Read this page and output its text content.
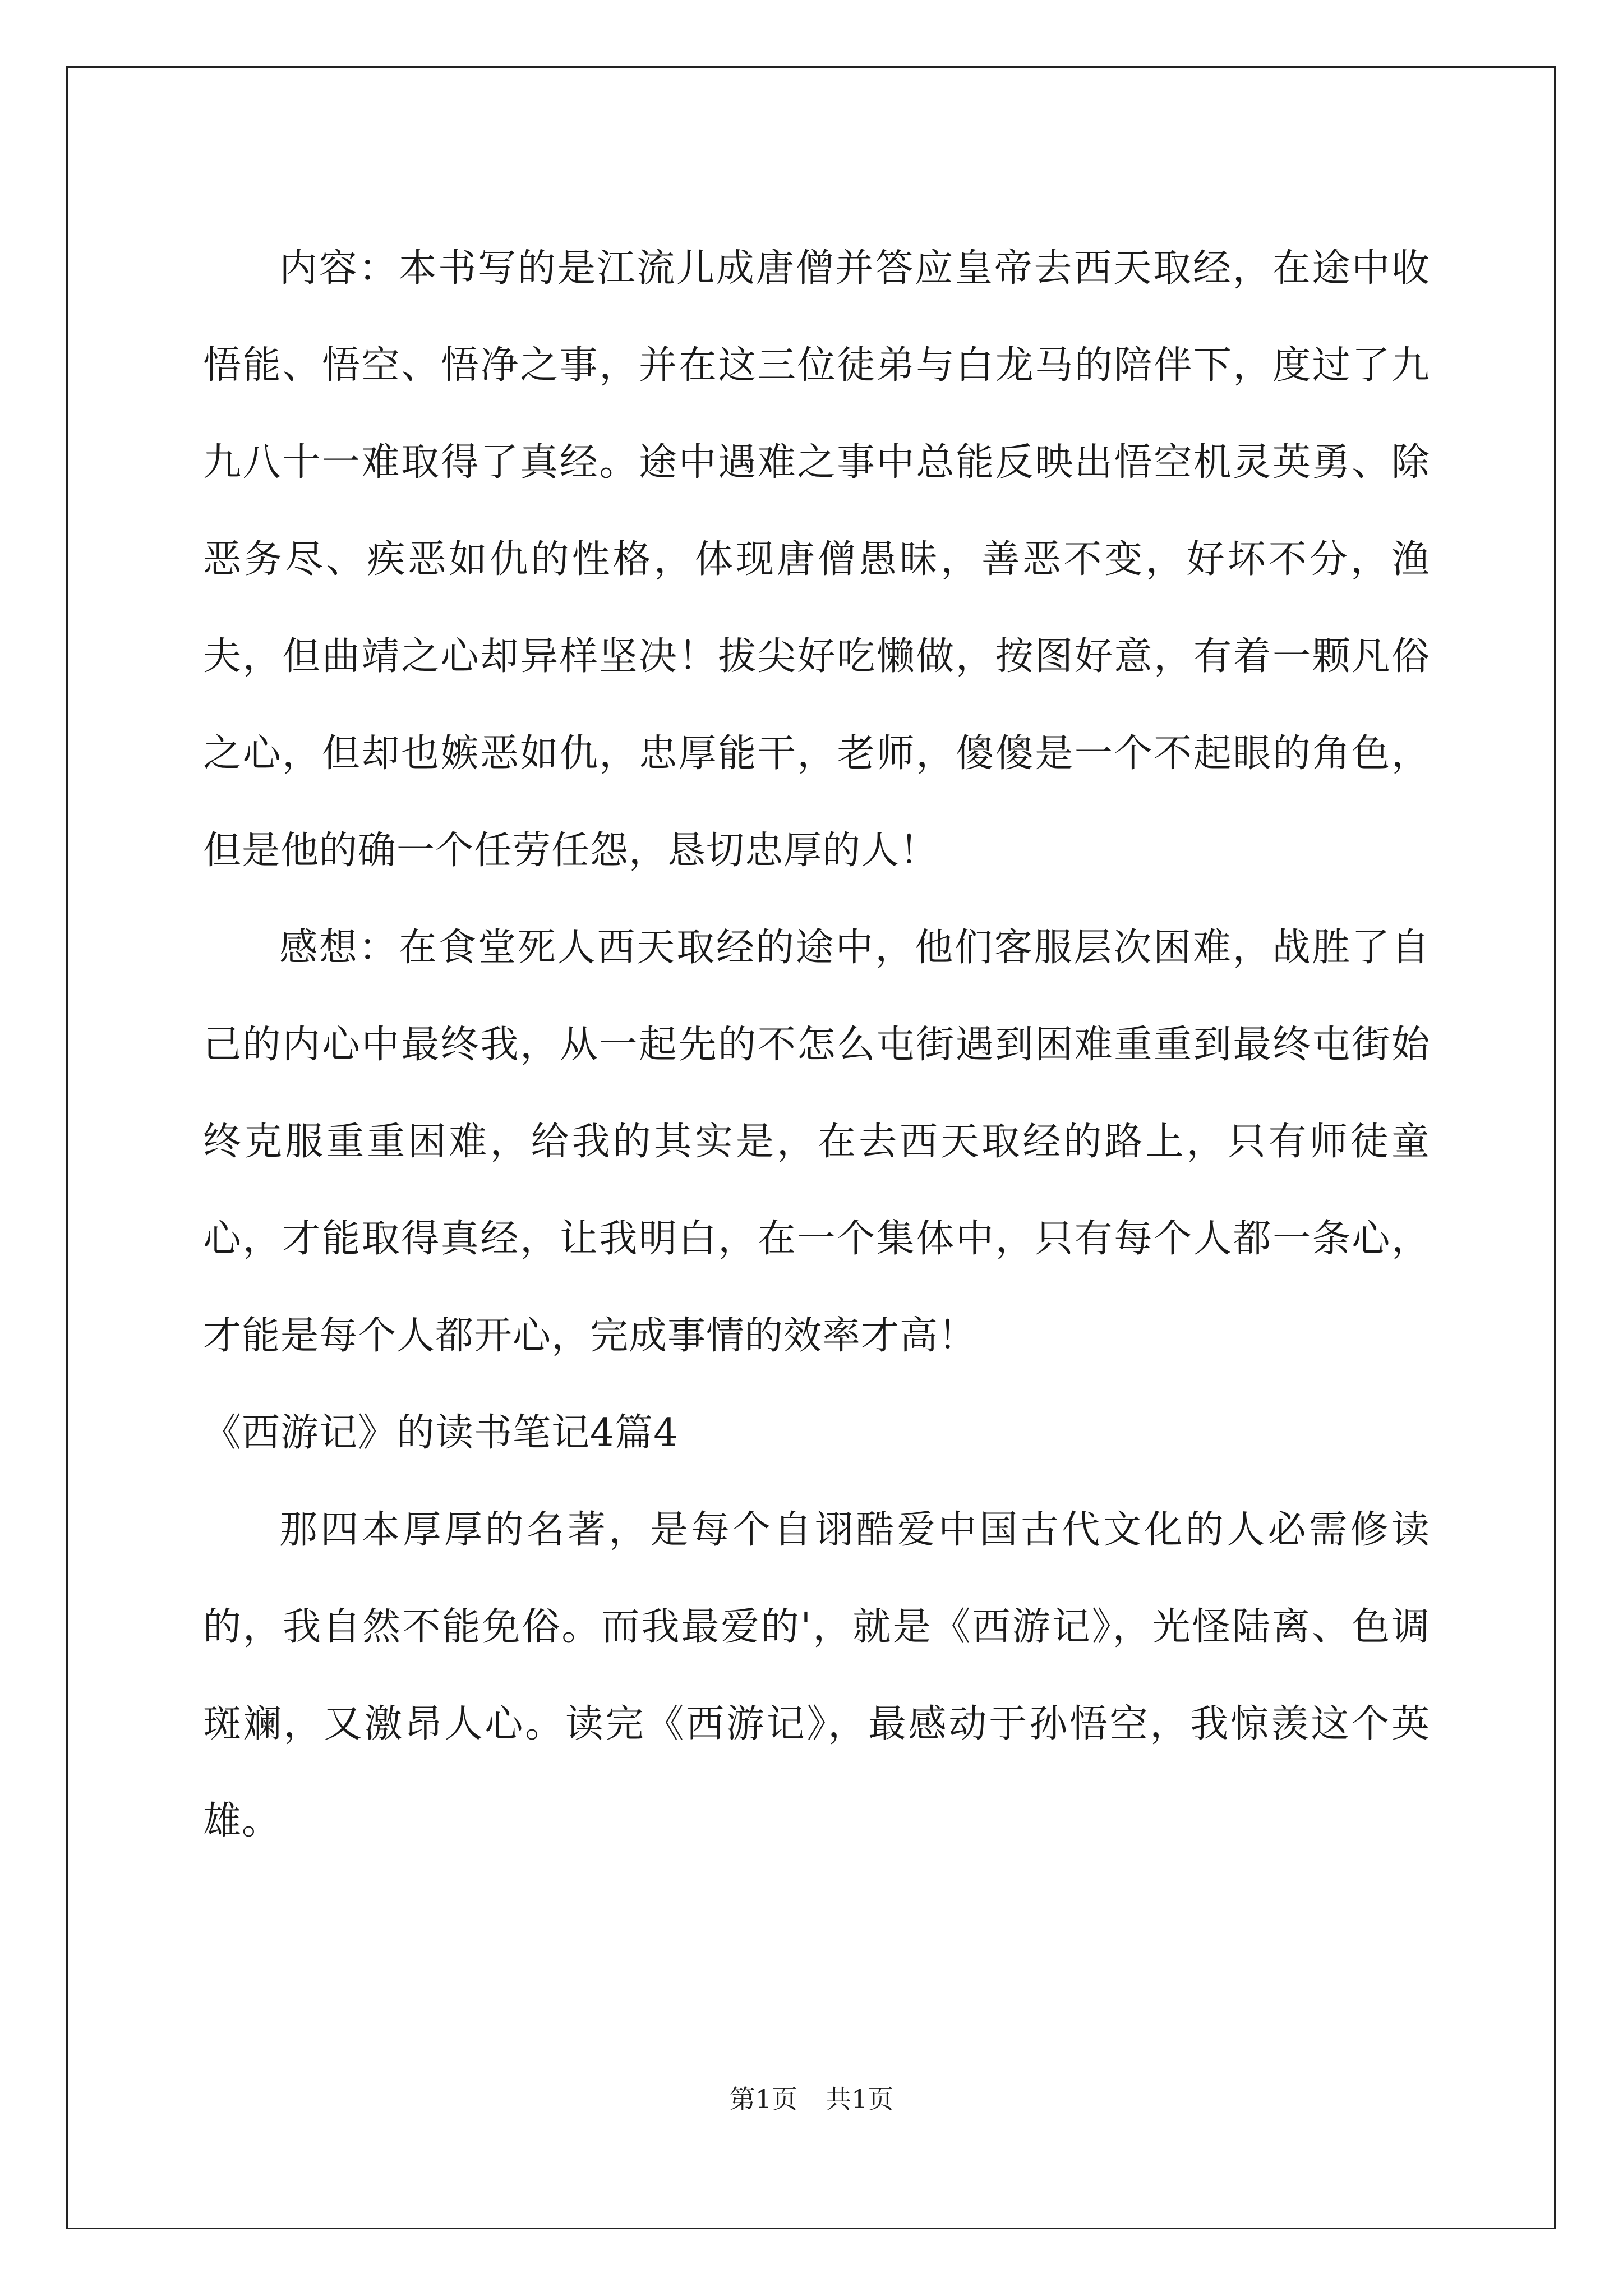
内容：本书写的是江流儿成唐僧并答应皇帝去西天取经，在途中收悟能、悟空、悟净之事，并在这三位徒弟与白龙马的陪伴下，度过了九九八十一难取得了真经。途中遇难之事中总能反映出悟空机灵英勇、除恶务尽、疾恶如仇的性格，体现唐僧愚昧，善恶不变，好坏不分，渔夫，但曲靖之心却异样坚决！拔尖好吃懒做，按图好意，有着一颗凡俗之心，但却也嫉恶如仇，忠厚能干，老师，傻傻是一个不起眼的角色，但是他的确一个任劳任怨，恳切忠厚的人！

感想：在食堂死人西天取经的途中，他们客服层次困难，战胜了自己的内心中最终我，从一起先的不怎么屯街遇到困难重重到最终屯街始终克服重重困难，给我的其实是，在去西天取经的路上，只有师徒童心，才能取得真经，让我明白，在一个集体中，只有每个人都一条心，才能是每个人都开心，完成事情的效率才高！

《西游记》的读书笔记4篇4

那四本厚厚的名著，是每个自诩酷爱中国古代文化的人必需修读的，我自然不能免俗。而我最爱的'，就是《西游记》，光怪陆离、色调斑斓，又激昂人心。读完《西游记》，最感动于孙悟空，我惊羡这个英雄。

第1页 共1页
